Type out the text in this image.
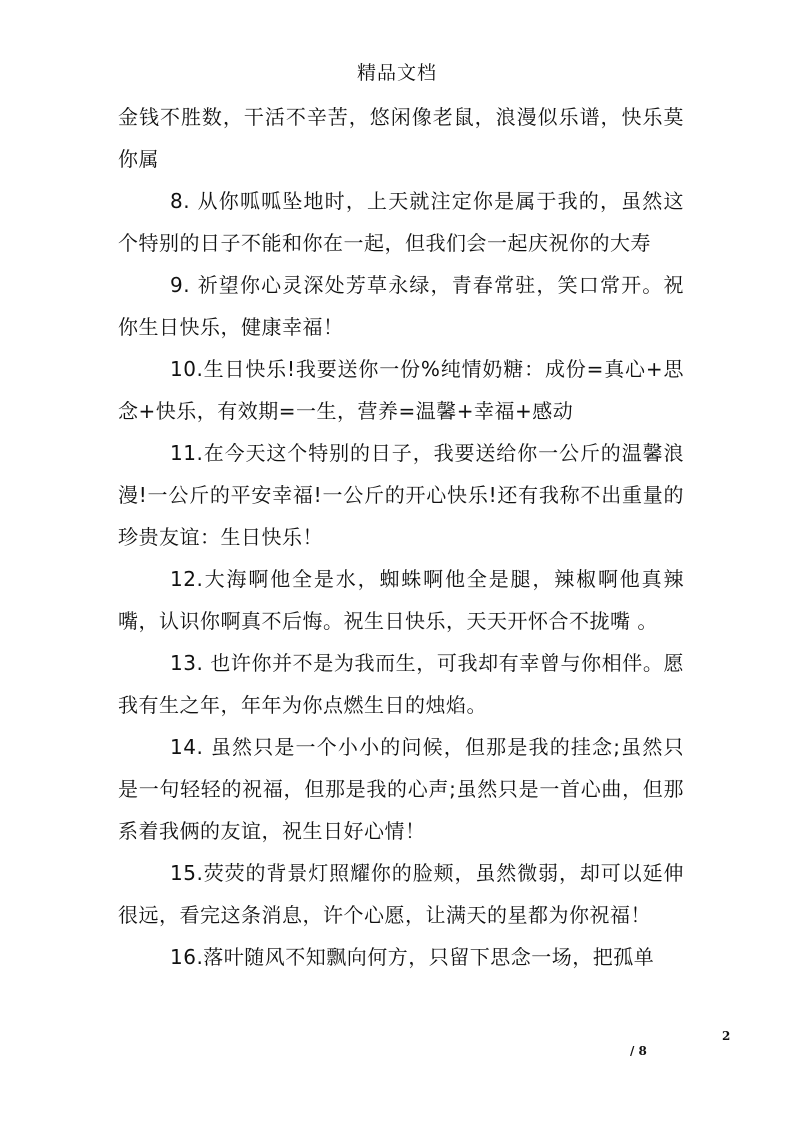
精品文档

金钱不胜数，干活不辛苦，悠闲像老鼠，浪漫似乐谱，快乐莫你属

8. 从你呱呱坠地时，上天就注定你是属于我的，虽然这个特别的日子不能和你在一起，但我们会一起庆祝你的大寿

9. 祈望你心灵深处芳草永绿，青春常驻，笑口常开。祝你生日快乐，健康幸福！

10.生日快乐!我要送你一份%纯情奶糖：成份=真心+思念+快乐，有效期=一生，营养=温馨+幸福+感动

11.在今天这个特别的日子，我要送给你一公斤的温馨浪漫!一公斤的平安幸福!一公斤的开心快乐!还有我称不出重量的珍贵友谊：生日快乐！

12.大海啊他全是水，蜘蛛啊他全是腿，辣椒啊他真辣嘴，认识你啊真不后悔。祝生日快乐，天天开怀合不拢嘴 。

13. 也许你并不是为我而生，可我却有幸曾与你相伴。愿我有生之年，年年为你点燃生日的烛焰。

14. 虽然只是一个小小的问候，但那是我的挂念;虽然只是一句轻轻的祝福，但那是我的心声;虽然只是一首心曲，但那系着我俩的友谊，祝生日好心情！

15.荧荧的背景灯照耀你的脸颊，虽然微弱，却可以延伸很远，看完这条消息，许个心愿，让满天的星都为你祝福！

16.落叶随风不知飘向何方，只留下思念一场，把孤单

2
/ 8
